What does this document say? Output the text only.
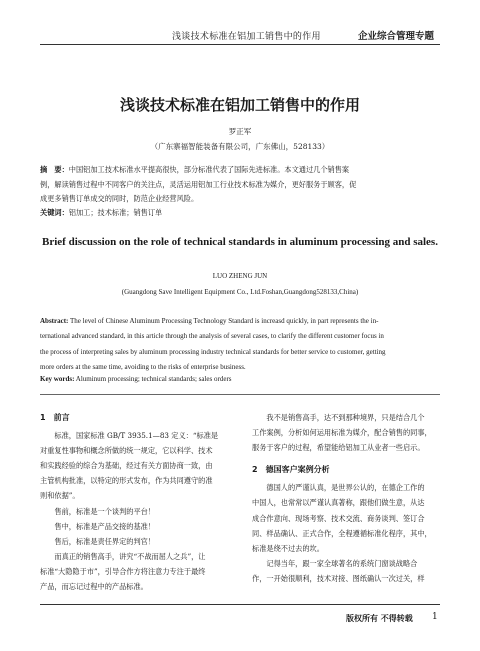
浅谈技术标准在铝加工销售中的作用	企业综合管理专题
浅谈技术标准在铝加工销售中的作用
罗正军
（广东寨福智能装备有限公司，广东佛山，528133）
摘　要：中国铝加工技术标准水平提高很快，部分标准代表了国际先进标准。本文通过几个销售案
例，解读销售过程中不同客户的关注点，灵活运用铝加工行业技术标准为媒介，更好服务于顾客，促
成更多销售订单成交的同时，防范企业经营风险。
关键词：铝加工；技术标准；销售订单
Brief discussion on the role of technical standards in aluminum processing and sales.
LUO ZHENG JUN
(Guangdong Save Intelligent Equipment Co., Ltd.Foshan,Guangdong528133,China)
Abstract: The level of Chinese Aluminum Processing Technology Standard is increasd quickly, in part represents the in-
ternational advanced standard, in this article through the analysis of several cases, to clarify the different customer focus in
the process of interpreting sales by aluminum processing industry technical standards for better service to customer, getting
more orders at the same time, avoiding to the risks of enterprise business.
Key words: Aluminum processing; technical standards; sales orders
1　前言

标准，国家标准 GB/T 3935.1—83 定义：“标准是

对重复性事物和概念所做的统一规定，它以科学、技术
和实践经验的综合为基础，经过有关方面协商一致，由
主管机构批准，以特定的形式发布，作为共同遵守的准
则和依据”。

售前，标准是一个谈判的平台！

售中，标准是产品交接的基准！

售后，标准是责任界定的判官！

而真正的销售高手，讲究“不战而屈人之兵”，让

标准“大隐隐于市”，引导合作方将注意力专注于最终
产品，而忘记过程中的产品标准。

我不是销售高手，达不到那种境界，只是结合几个

工作案例，分析如何运用标准为媒介，配合销售的同事，
服务于客户的过程，希望能给铝加工从业者一些启示。
2　德国客户案例分析

德国人的严谨认真，是世界公认的，在德企工作的

中国人，也常常以严谨认真著称，跟他们做生意，从达
成合作意向、现场考察、技术交流、商务谈判、签订合
同、样品确认、正式合作，全程遵循标准化程序，其中，
标准是绕不过去的坎。

记得当年，跟一家全球著名的系统门窗谈战略合

作，一开始很顺利，技术对接、图纸确认一次过关，样
版权所有 不得转载 1
